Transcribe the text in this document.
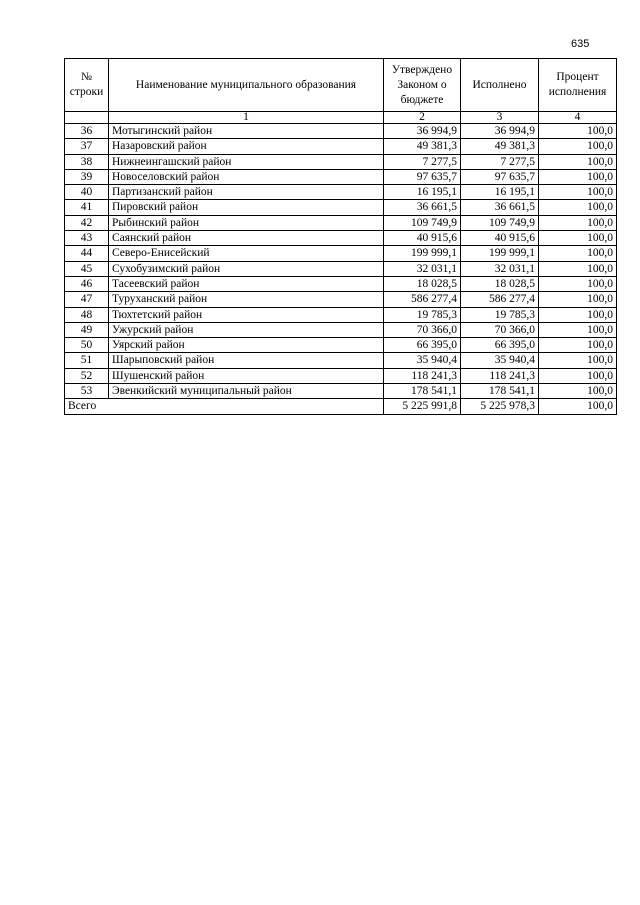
635
№ строки	Наименование муниципального образования	Утверждено Законом о бюджете	Исполнено	Процент исполнения
	1	2	3	4
36	Мотыгинский район	36 994,9	36 994,9	100,0
37	Назаровский район	49 381,3	49 381,3	100,0
38	Нижнеингашский район	7 277,5	7 277,5	100,0
39	Новоселовский район	97 635,7	97 635,7	100,0
40	Партизанский район	16 195,1	16 195,1	100,0
41	Пировский район	36 661,5	36 661,5	100,0
42	Рыбинский район	109 749,9	109 749,9	100,0
43	Саянский район	40 915,6	40 915,6	100,0
44	Северо-Енисейский	199 999,1	199 999,1	100,0
45	Сухобузимский район	32 031,1	32 031,1	100,0
46	Тасеевский район	18 028,5	18 028,5	100,0
47	Туруханский район	586 277,4	586 277,4	100,0
48	Тюхтетский район	19 785,3	19 785,3	100,0
49	Ужурский район	70 366,0	70 366,0	100,0
50	Уярский район	66 395,0	66 395,0	100,0
51	Шарыповский район	35 940,4	35 940,4	100,0
52	Шушенский район	118 241,3	118 241,3	100,0
53	Эвенкийский муниципальный район	178 541,1	178 541,1	100,0
Всего		5 225 991,8	5 225 978,3	100,0
